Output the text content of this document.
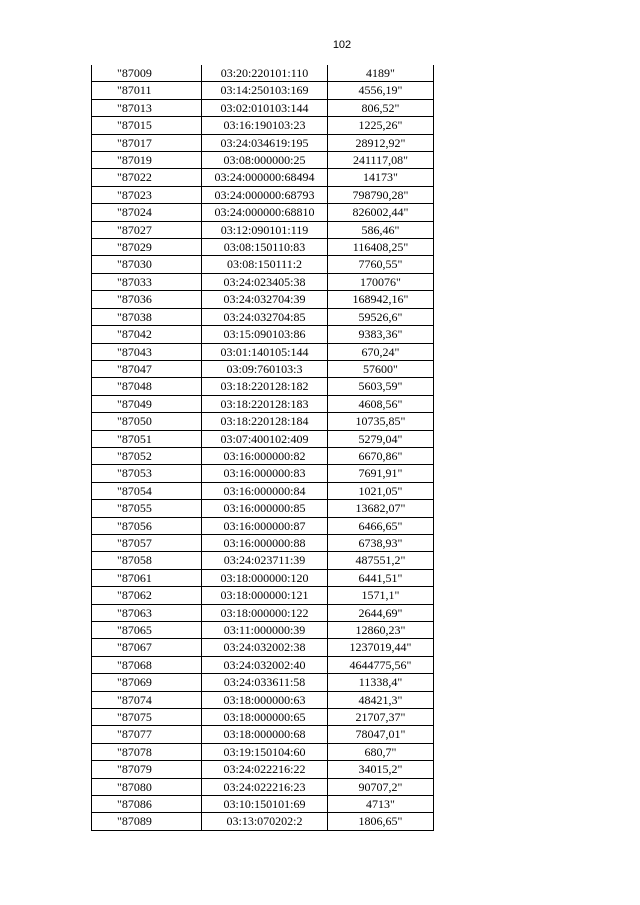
102
"87009	03:20:220101:110	4189"
"87011	03:14:250103:169	4556,19"
"87013	03:02:010103:144	806,52"
"87015	03:16:190103:23	1225,26"
"87017	03:24:034619:195	28912,92"
"87019	03:08:000000:25	241117,08"
"87022	03:24:000000:68494	14173"
"87023	03:24:000000:68793	798790,28"
"87024	03:24:000000:68810	826002,44"
"87027	03:12:090101:119	586,46"
"87029	03:08:150110:83	116408,25"
"87030	03:08:150111:2	7760,55"
"87033	03:24:023405:38	170076"
"87036	03:24:032704:39	168942,16"
"87038	03:24:032704:85	59526,6"
"87042	03:15:090103:86	9383,36"
"87043	03:01:140105:144	670,24"
"87047	03:09:760103:3	57600"
"87048	03:18:220128:182	5603,59"
"87049	03:18:220128:183	4608,56"
"87050	03:18:220128:184	10735,85"
"87051	03:07:400102:409	5279,04"
"87052	03:16:000000:82	6670,86"
"87053	03:16:000000:83	7691,91"
"87054	03:16:000000:84	1021,05"
"87055	03:16:000000:85	13682,07"
"87056	03:16:000000:87	6466,65"
"87057	03:16:000000:88	6738,93"
"87058	03:24:023711:39	487551,2"
"87061	03:18:000000:120	6441,51"
"87062	03:18:000000:121	1571,1"
"87063	03:18:000000:122	2644,69"
"87065	03:11:000000:39	12860,23"
"87067	03:24:032002:38	1237019,44"
"87068	03:24:032002:40	4644775,56"
"87069	03:24:033611:58	11338,4"
"87074	03:18:000000:63	48421,3"
"87075	03:18:000000:65	21707,37"
"87077	03:18:000000:68	78047,01"
"87078	03:19:150104:60	680,7"
"87079	03:24:022216:22	34015,2"
"87080	03:24:022216:23	90707,2"
"87086	03:10:150101:69	4713"
"87089	03:13:070202:2	1806,65"
